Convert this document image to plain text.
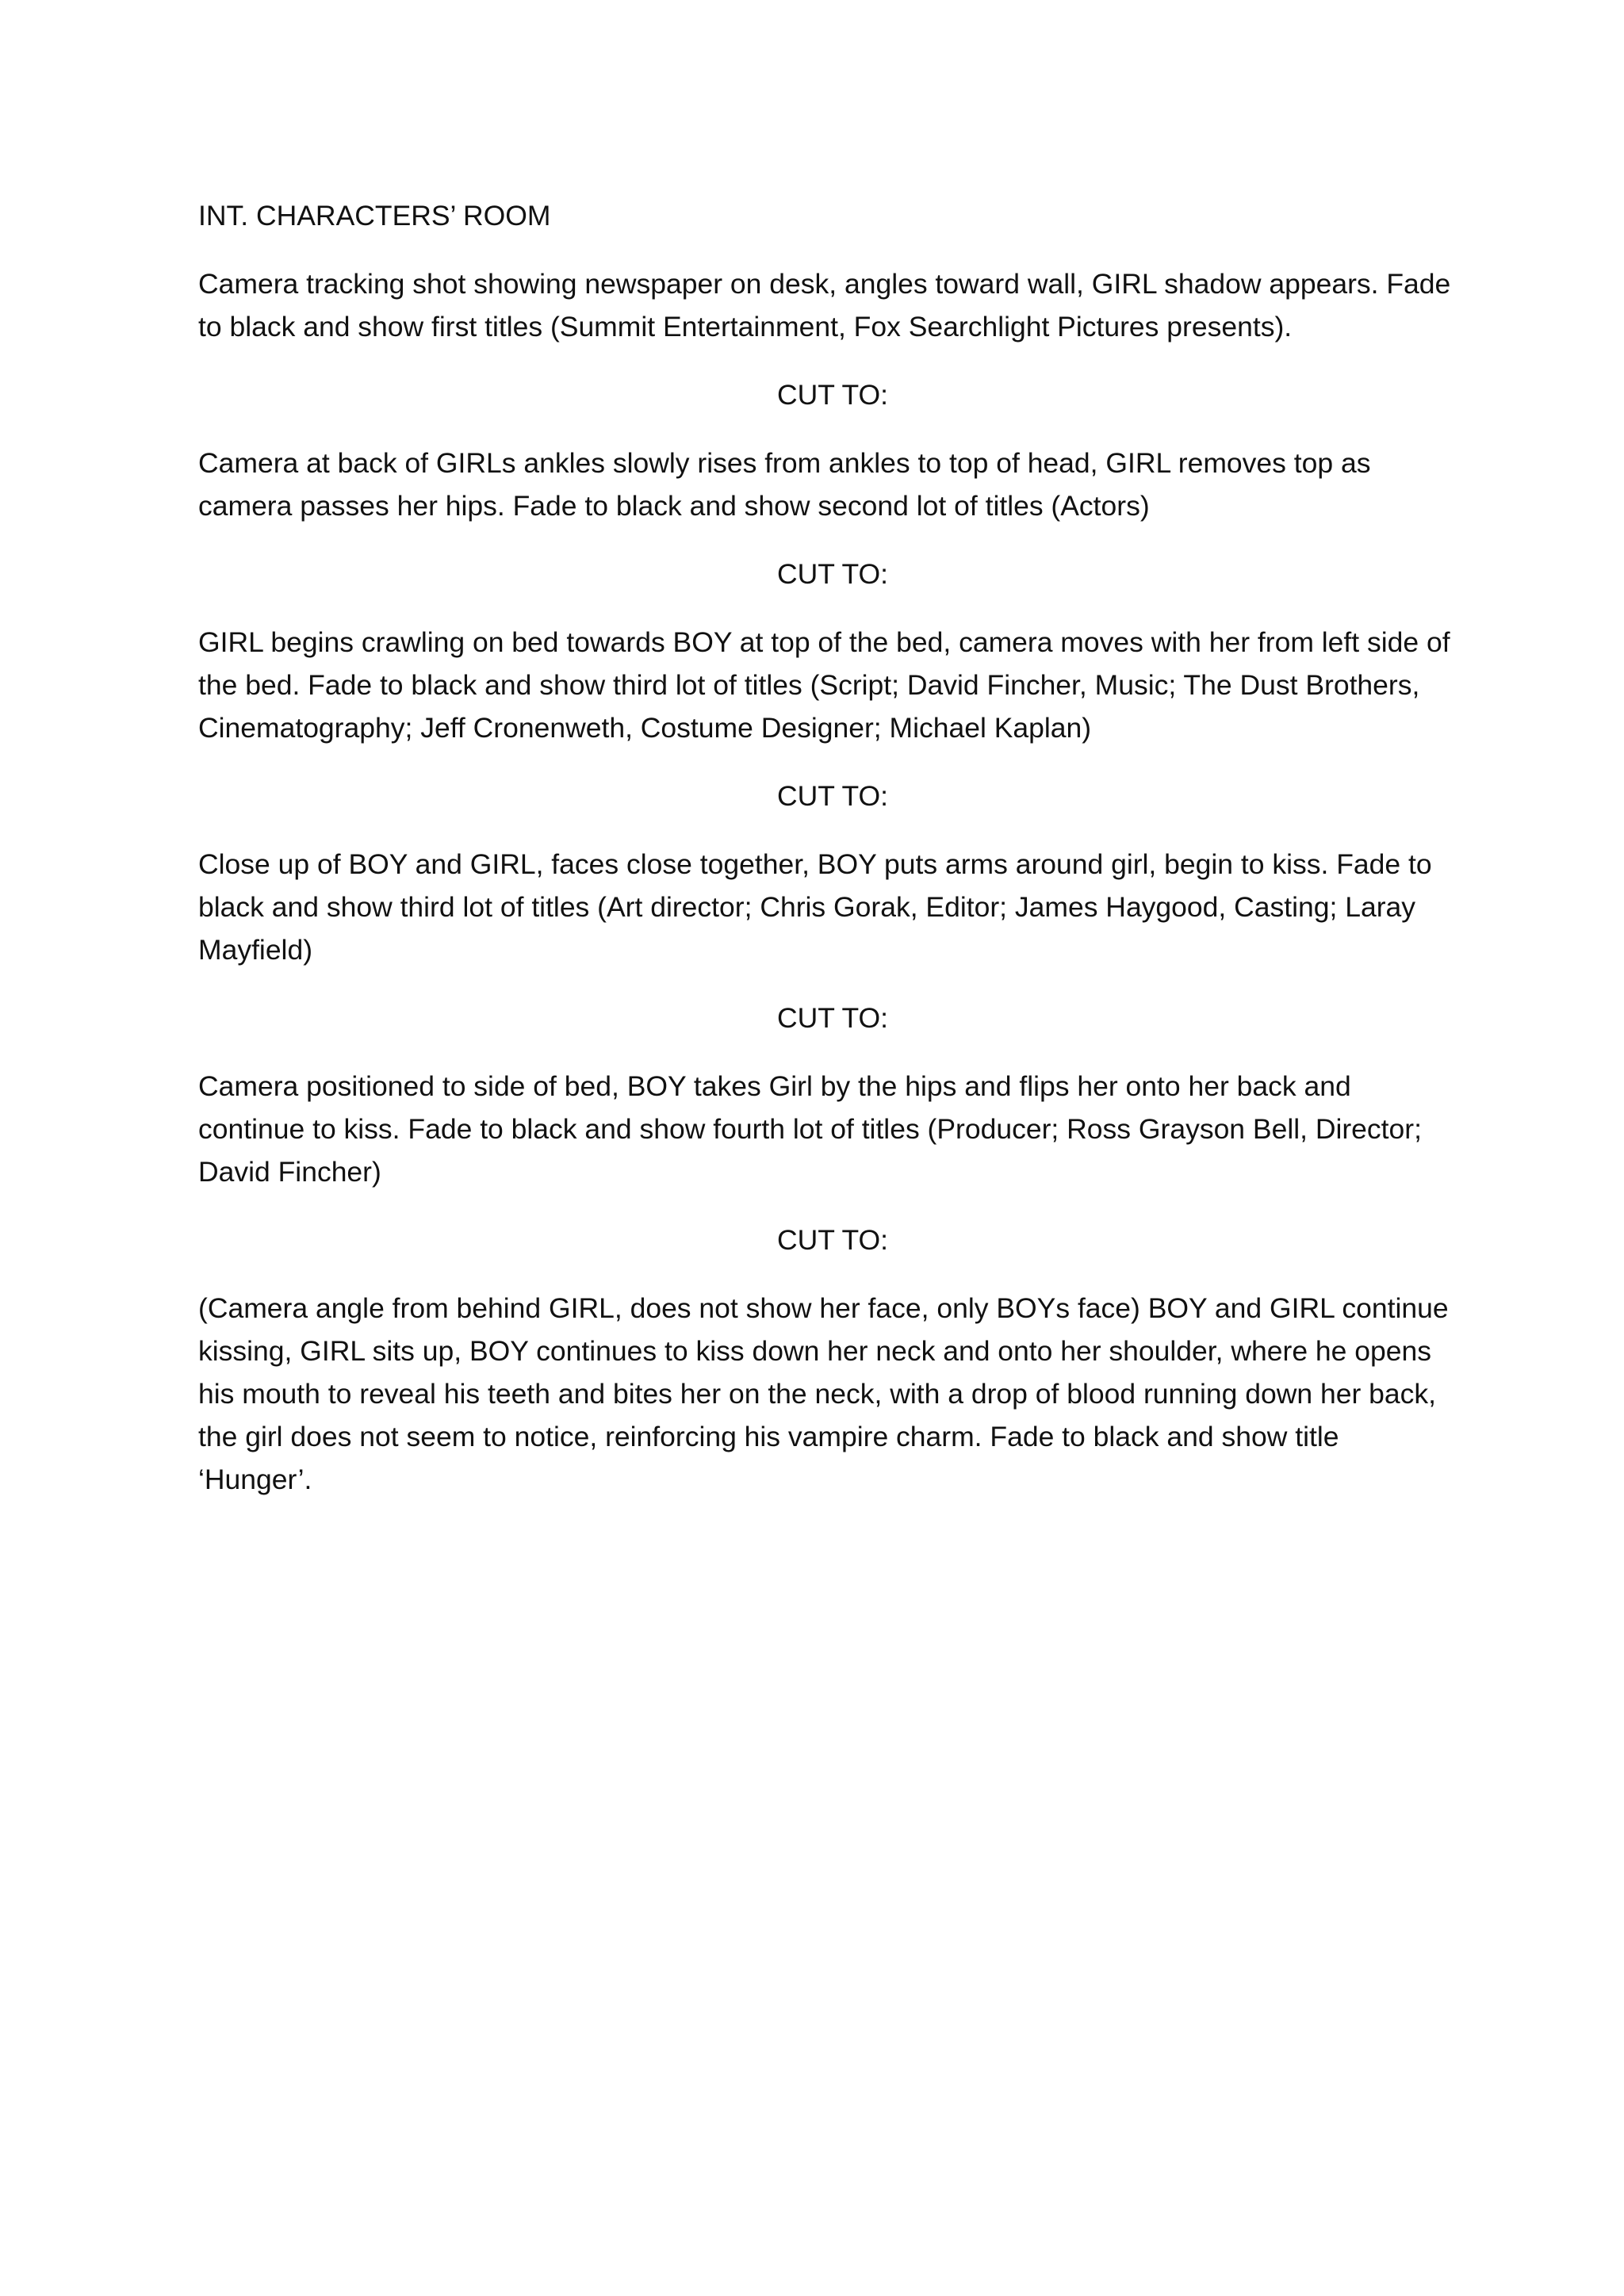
INT. CHARACTERS’ ROOM

Camera tracking shot showing newspaper on desk, angles toward wall, GIRL shadow appears. Fade to black and show first titles (Summit Entertainment, Fox Searchlight Pictures presents).

CUT TO:

Camera at back of GIRLs ankles slowly rises from ankles to top of head, GIRL removes top as camera passes her hips. Fade to black and show second lot of titles (Actors)

CUT TO:

GIRL begins crawling on bed towards BOY at top of the bed, camera moves with her from left side of the bed. Fade to black and show third lot of titles (Script; David Fincher, Music; The Dust Brothers, Cinematography; Jeff Cronenweth, Costume Designer; Michael Kaplan)

CUT TO:

Close up of BOY and GIRL, faces close together, BOY puts arms around girl, begin to kiss. Fade to black and show third lot of titles (Art director; Chris Gorak, Editor; James Haygood, Casting; Laray Mayfield)

CUT TO:

Camera positioned to side of bed, BOY takes Girl by the hips and flips her onto her back and continue to kiss. Fade to black and show fourth lot of titles (Producer; Ross Grayson Bell, Director; David Fincher)

CUT TO:

(Camera angle from behind GIRL, does not show her face, only BOYs face) BOY and GIRL continue kissing, GIRL sits up, BOY continues to kiss down her neck and onto her shoulder, where he opens his mouth to reveal his teeth and bites her on the neck, with a drop of blood running down her back, the girl does not seem to notice, reinforcing his vampire charm. Fade to black and show title ‘Hunger’.
